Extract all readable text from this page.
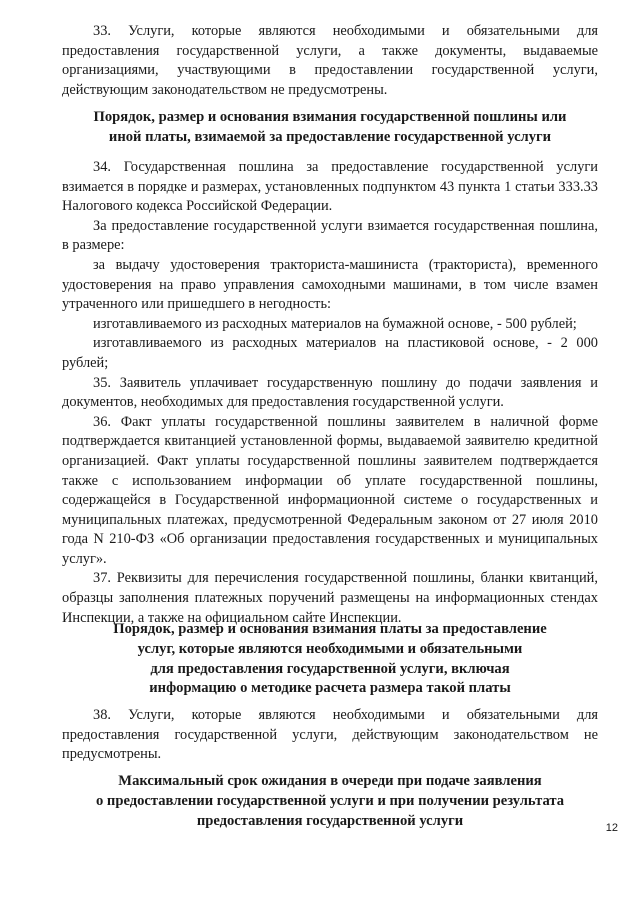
33. Услуги, которые являются необходимыми и обязательными для предоставления государственной услуги, а также документы, выдаваемые организациями, участвующими в предоставлении государственной услуги, действующим законодательством не предусмотрены.

Порядок, размер и основания взимания государственной пошлины или
иной платы, взимаемой за предоставление государственной услуги

34. Государственная пошлина за предоставление государственной услуги взимается в порядке и размерах, установленных подпунктом 43 пункта 1 статьи 333.33 Налогового кодекса Российской Федерации.

За предоставление государственной услуги взимается государственная пошлина, в размере:

за выдачу удостоверения тракториста-машиниста (тракториста), временного удостоверения на право управления самоходными машинами, в том числе взамен утраченного или пришедшего в негодность:

изготавливаемого из расходных материалов на бумажной основе, - 500 рублей;

изготавливаемого из расходных материалов на пластиковой основе, - 2 000 рублей;

35. Заявитель уплачивает государственную пошлину до подачи заявления и документов, необходимых для предоставления государственной услуги.

36. Факт уплаты государственной пошлины заявителем в наличной форме подтверждается квитанцией установленной формы, выдаваемой заявителю кредитной организацией. Факт уплаты государственной пошлины заявителем подтверждается также с использованием информации об уплате государственной пошлины, содержащейся в Государственной информационной системе о государственных и муниципальных платежах, предусмотренной Федеральным законом от 27 июля 2010 года N 210-ФЗ «Об организации предоставления государственных и муниципальных услуг».

37. Реквизиты для перечисления государственной пошлины, бланки квитанций, образцы заполнения платежных поручений размещены на информационных стендах Инспекции, а также на официальном сайте Инспекции.

Порядок, размер и основания взимания платы за предоставление
услуг, которые являются необходимыми и обязательными
для предоставления государственной услуги, включая
информацию о методике расчета размера такой платы

38. Услуги, которые являются необходимыми и обязательными для предоставления государственной услуги, действующим законодательством не предусмотрены.

Максимальный срок ожидания в очереди при подаче заявления
о предоставлении государственной услуги и при получении результата
предоставления государственной услуги	12
